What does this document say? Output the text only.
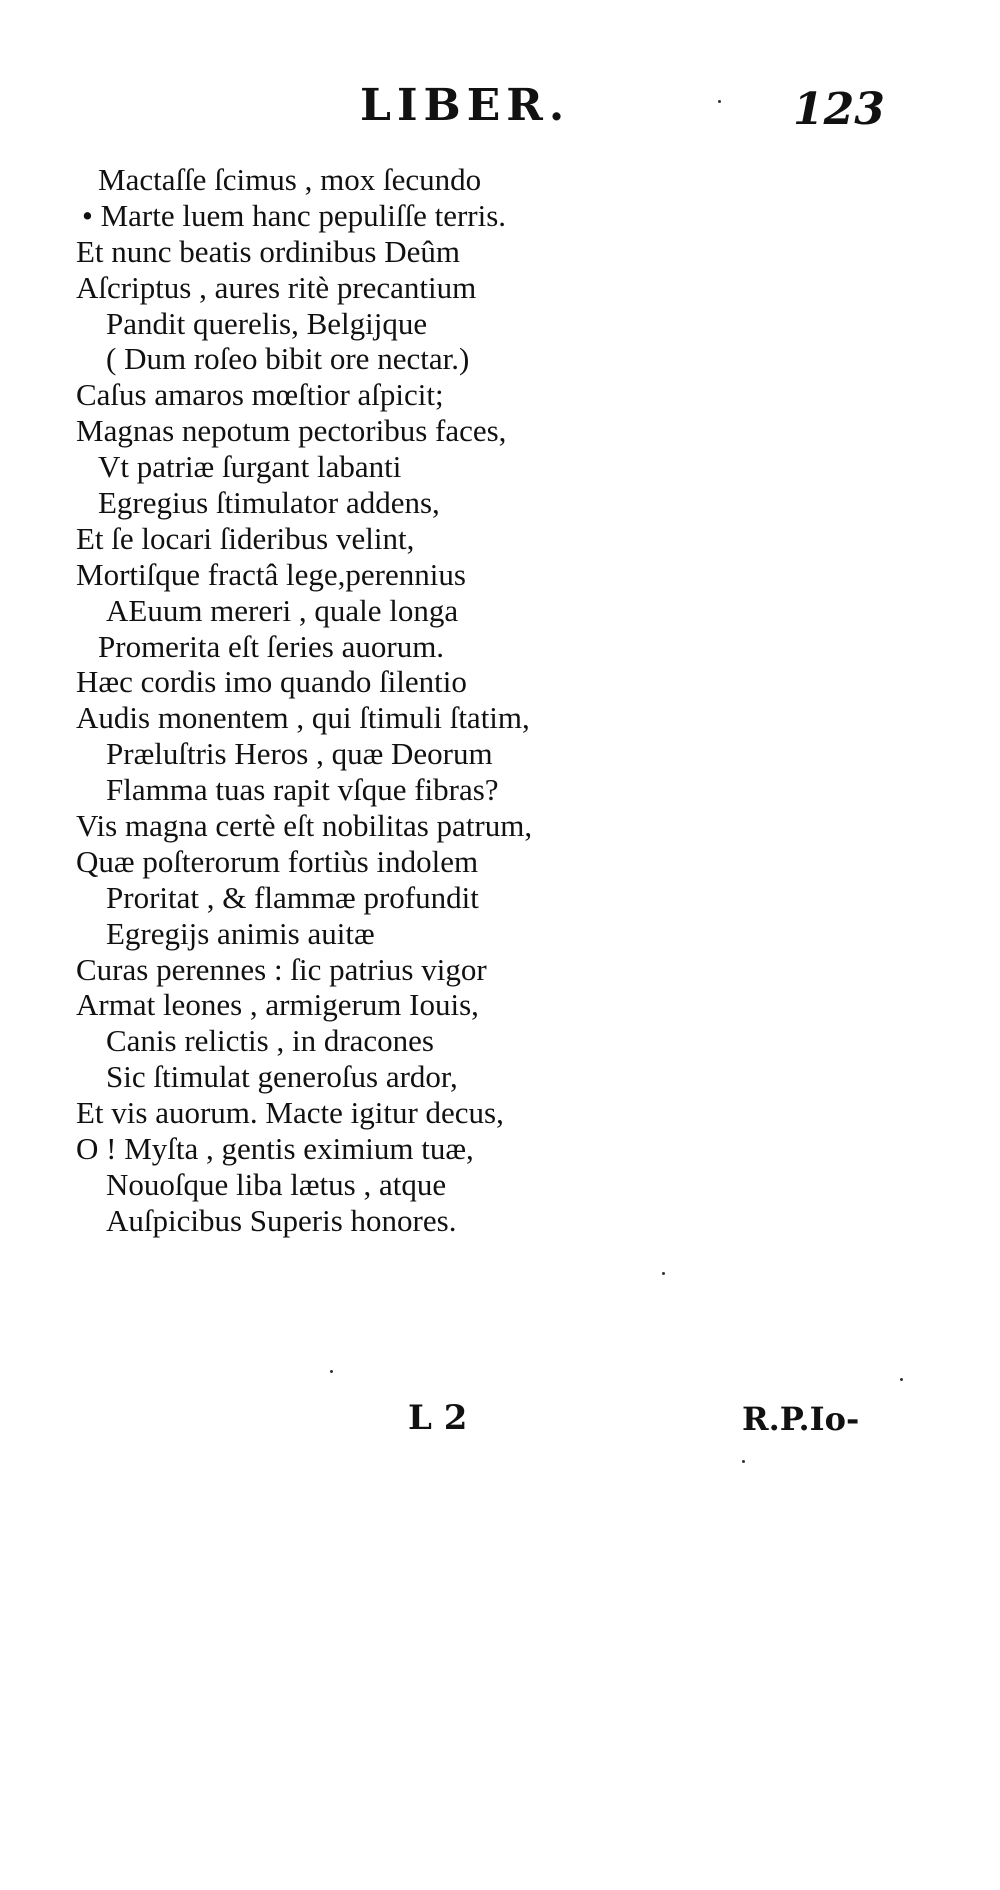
LIBER.	123
Mactaſſe ſcimus , mox ſecundo
• Marte luem hanc pepuliſſe terris.
Et nunc beatis ordinibus Deûm
Aſcriptus , aures ritè precantium
Pandit querelis, Belgijque
( Dum roſeo bibit ore nectar.)
Caſus amaros mœſtior aſpicit;
Magnas nepotum pectoribus faces,
Vt patriæ ſurgant labanti
Egregius ſtimulator addens,
Et ſe locari ſideribus velint,
Mortiſque fractâ lege,perennius
AEuum mereri , quale longa
Promerita eſt ſeries auorum.
Hæc cordis imo quando ſilentio
Audis monentem , qui ſtimuli ſtatim,
Præluſtris Heros , quæ Deorum
Flamma tuas rapit vſque fibras?
Vis magna certè eſt nobilitas patrum,
Quæ poſterorum fortiùs indolem
Proritat , & flammæ profundit
Egregijs animis auitæ
Curas perennes : ſic patrius vigor
Armat leones , armigerum Iouis,
Canis relictis , in dracones
Sic ſtimulat generoſus ardor,
Et vis auorum. Macte igitur decus,
O ! Myſta , gentis eximium tuæ,
Nouoſque liba lætus , atque
Auſpicibus Superis honores.
L 2	R.P.Io-
